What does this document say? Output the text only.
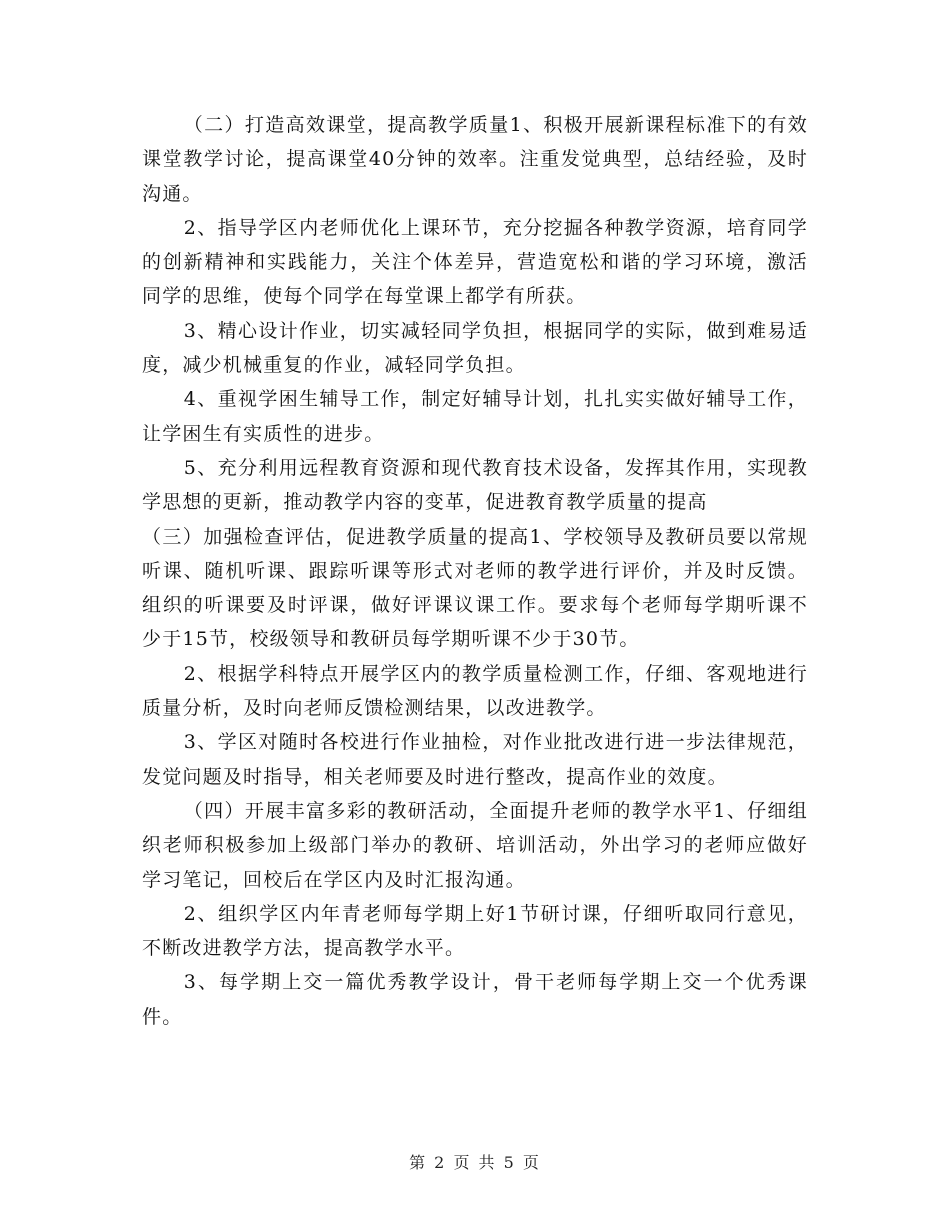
（二）打造高效课堂，提高教学质量1、积极开展新课程标准下的有效课堂教学讨论，提高课堂40分钟的效率。注重发觉典型，总结经验，及时沟通。

2、指导学区内老师优化上课环节，充分挖掘各种教学资源，培育同学的创新精神和实践能力，关注个体差异，营造宽松和谐的学习环境，激活同学的思维，使每个同学在每堂课上都学有所获。

3、精心设计作业，切实减轻同学负担，根据同学的实际，做到难易适度，减少机械重复的作业，减轻同学负担。

4、重视学困生辅导工作，制定好辅导计划，扎扎实实做好辅导工作，让学困生有实质性的进步。

5、充分利用远程教育资源和现代教育技术设备，发挥其作用，实现教学思想的更新，推动教学内容的变革，促进教育教学质量的提高

（三）加强检查评估，促进教学质量的提高1、学校领导及教研员要以常规听课、随机听课、跟踪听课等形式对老师的教学进行评价，并及时反馈。组织的听课要及时评课，做好评课议课工作。要求每个老师每学期听课不少于15节，校级领导和教研员每学期听课不少于30节。

2、根据学科特点开展学区内的教学质量检测工作，仔细、客观地进行质量分析，及时向老师反馈检测结果，以改进教学。

3、学区对随时各校进行作业抽检，对作业批改进行进一步法律规范，发觉问题及时指导，相关老师要及时进行整改，提高作业的效度。

（四）开展丰富多彩的教研活动，全面提升老师的教学水平1、仔细组织老师积极参加上级部门举办的教研、培训活动，外出学习的老师应做好学习笔记，回校后在学区内及时汇报沟通。

2、组织学区内年青老师每学期上好1节研讨课，仔细听取同行意见，不断改进教学方法，提高教学水平。

3、每学期上交一篇优秀教学设计，骨干老师每学期上交一个优秀课件。

第 2 页 共 5 页
